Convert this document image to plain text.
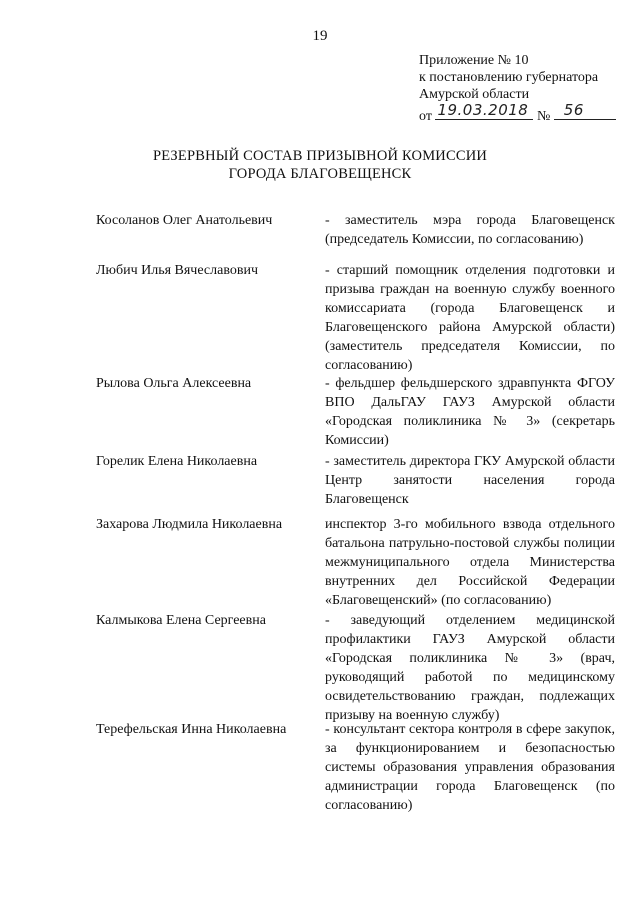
19
Приложение № 10
к постановлению губернатора
Амурской области
от 19.03.2018 № 56
РЕЗЕРВНЫЙ СОСТАВ ПРИЗЫВНОЙ КОМИССИИ
ГОРОДА БЛАГОВЕЩЕНСК
Косоланов Олег Анатольевич	- заместитель мэра города Благовещенск (председатель Комиссии, по согласованию)
Любич Илья Вячеславович	- старший помощник отделения подготовки и призыва граждан на военную службу военного комиссариата (города Благовещенск и Благовещенского района Амурской области) (заместитель председателя Комиссии, по согласованию)
Рылова Ольга Алексеевна	- фельдшер фельдшерского здравпункта ФГОУ ВПО ДальГАУ ГАУЗ Амурской области «Городская поликлиника № 3» (секретарь Комиссии)
Горелик Елена Николаевна	- заместитель директора ГКУ Амурской области Центр занятости населения города Благовещенск
Захарова Людмила Николаевна	инспектор 3-го мобильного взвода отдельного батальона патрульно-постовой службы полиции межмуниципального отдела Министерства внутренних дел Российской Федерации «Благовещенский» (по согласованию)
Калмыкова Елена Сергеевна	- заведующий отделением медицинской профилактики ГАУЗ Амурской области «Городская поликлиника № 3» (врач, руководящий работой по медицинскому освидетельствованию граждан, подлежащих призыву на военную службу)
Терефельская Инна Николаевна	- консультант сектора контроля в сфере закупок, за функционированием и безопасностью системы образования управления образования администрации города Благовещенск (по согласованию)
